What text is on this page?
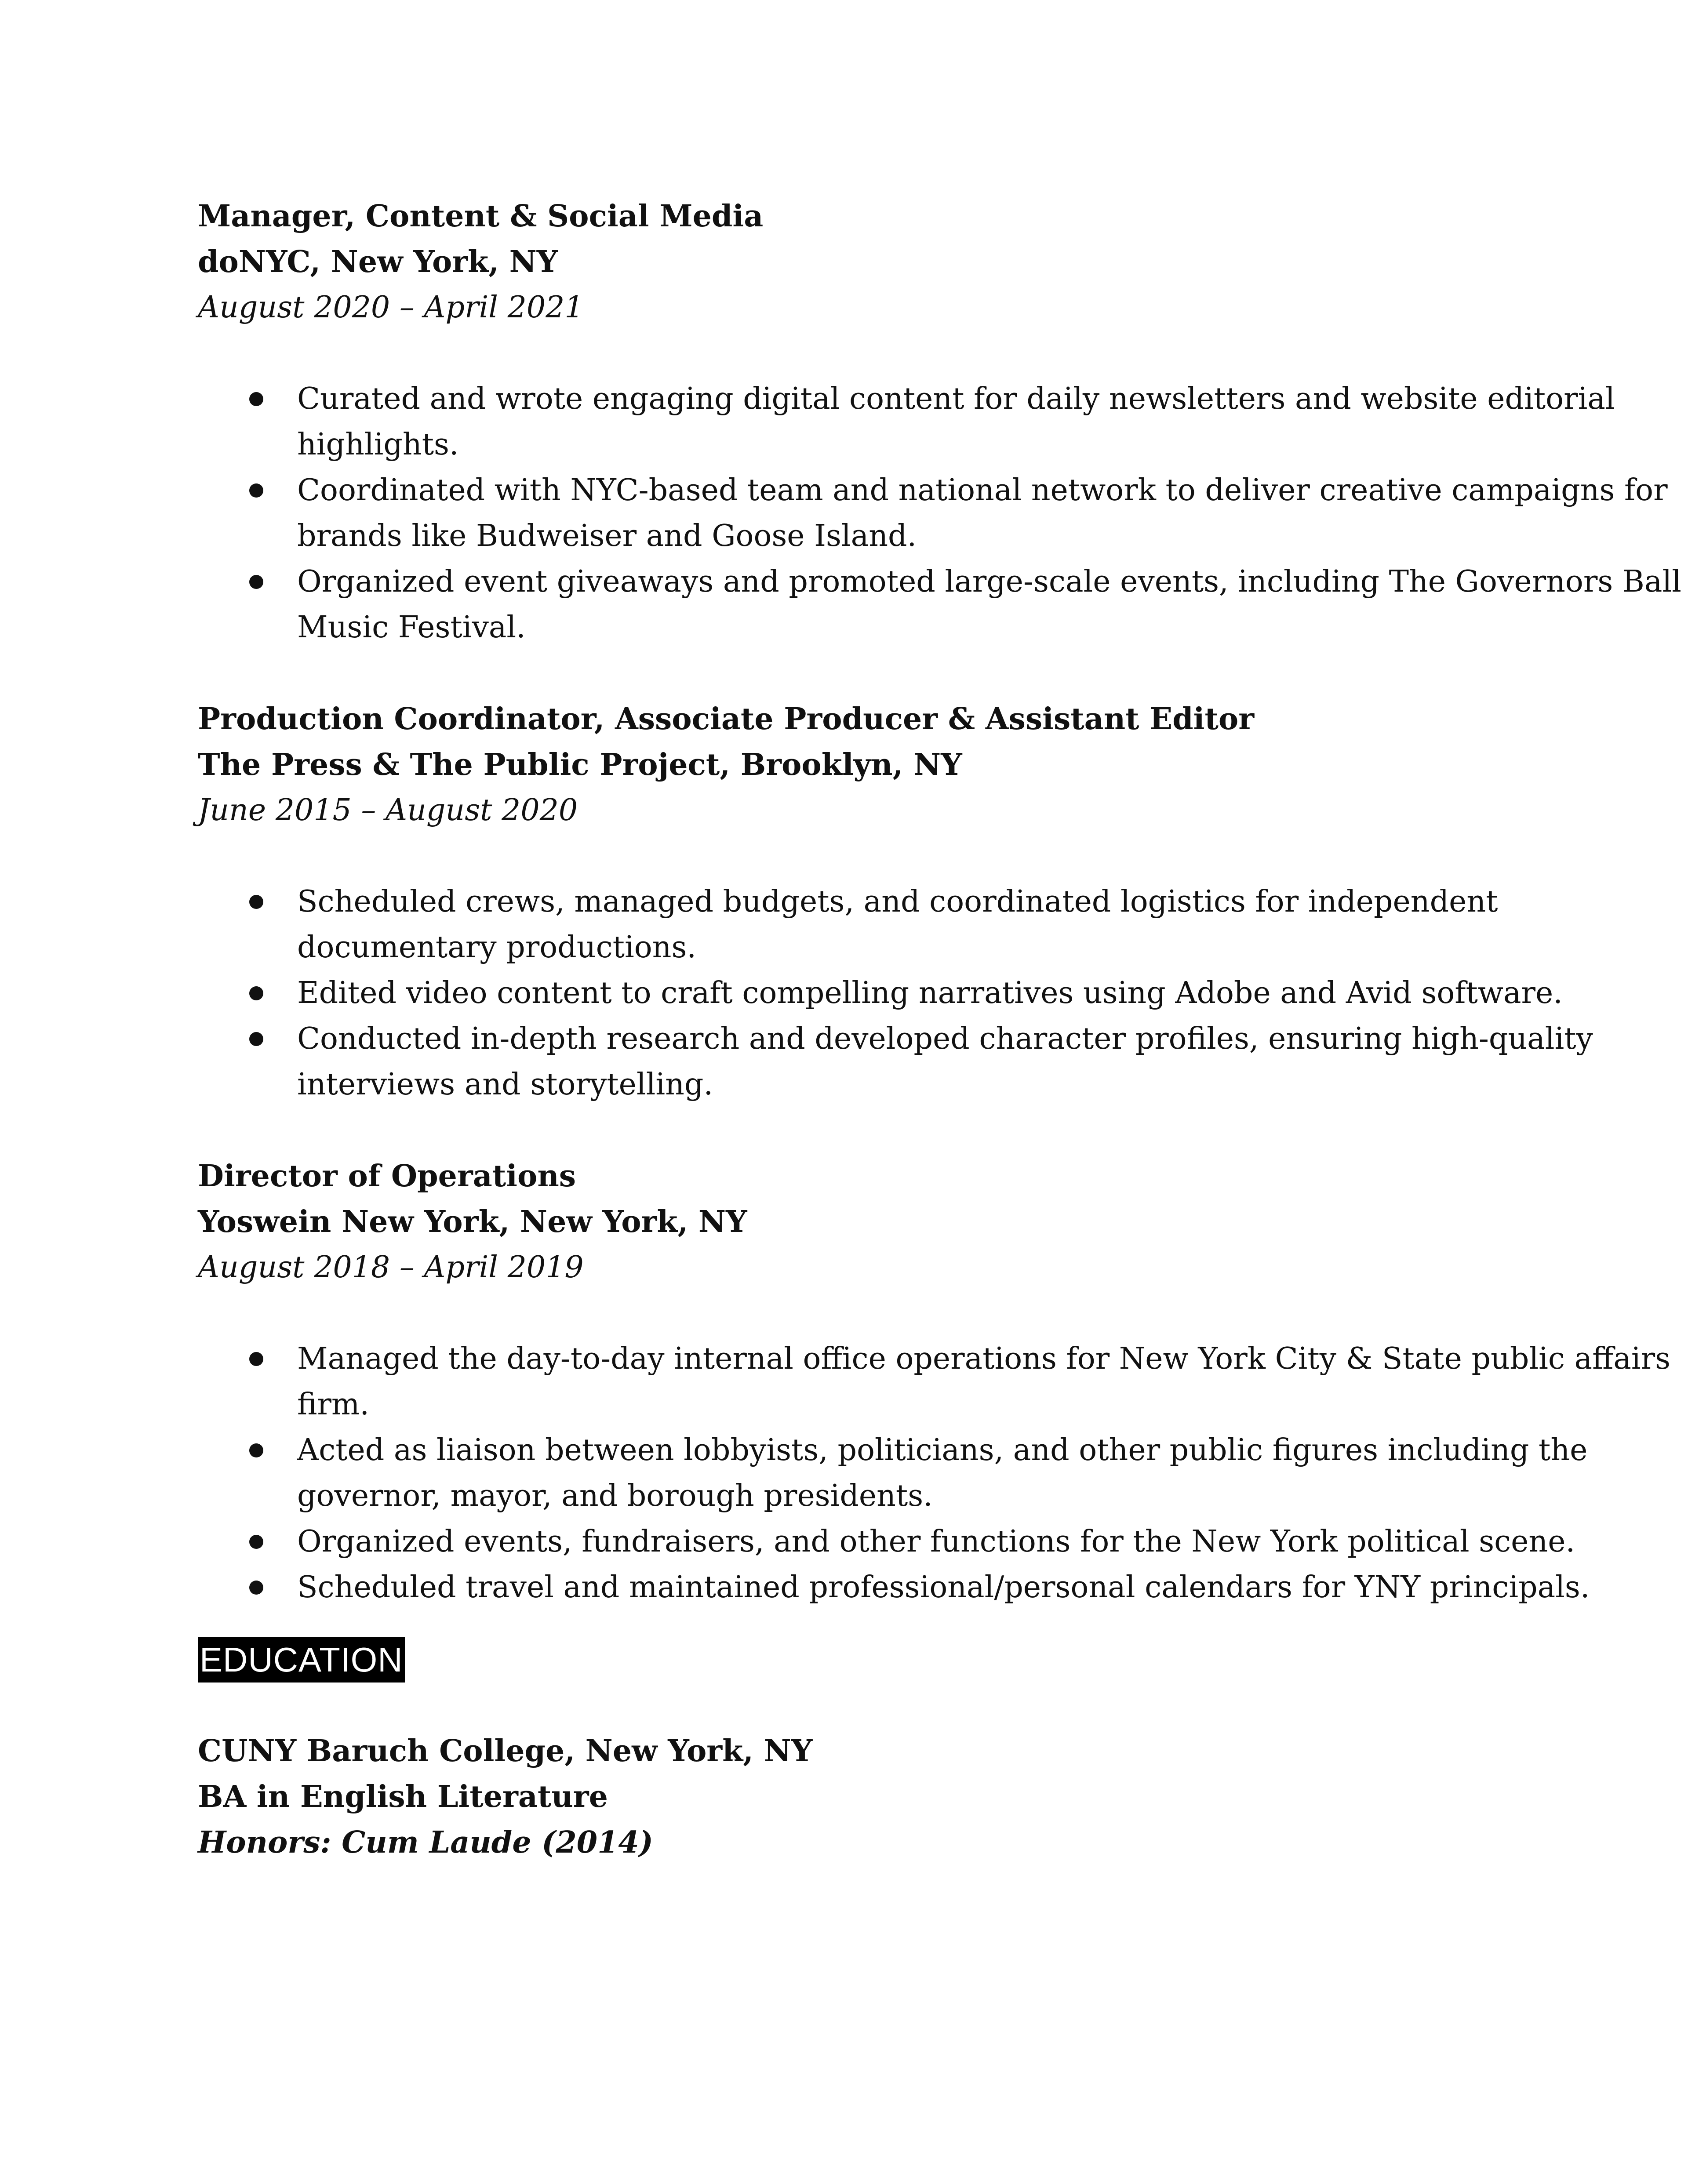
Manager, Content & Social Media
doNYC, New York, NY
August 2020 – April 2021
Curated and wrote engaging digital content for daily newsletters and website editorial highlights.
Coordinated with NYC-based team and national network to deliver creative campaigns for brands like Budweiser and Goose Island.
Organized event giveaways and promoted large-scale events, including The Governors Ball Music Festival.
Production Coordinator, Associate Producer & Assistant Editor
The Press & The Public Project, Brooklyn, NY
June 2015 – August 2020
Scheduled crews, managed budgets, and coordinated logistics for independent documentary productions.
Edited video content to craft compelling narratives using Adobe and Avid software.
Conducted in-depth research and developed character profiles, ensuring high-quality interviews and storytelling.
Director of Operations
Yoswein New York, New York, NY
August 2018 – April 2019
Managed the day-to-day internal office operations for New York City & State public affairs firm.
Acted as liaison between lobbyists, politicians, and other public figures including the governor, mayor, and borough presidents.
Organized events, fundraisers, and other functions for the New York political scene.
Scheduled travel and maintained professional/personal calendars for YNY principals.
EDUCATION
CUNY Baruch College, New York, NY
BA in English Literature
Honors: Cum Laude (2014)
